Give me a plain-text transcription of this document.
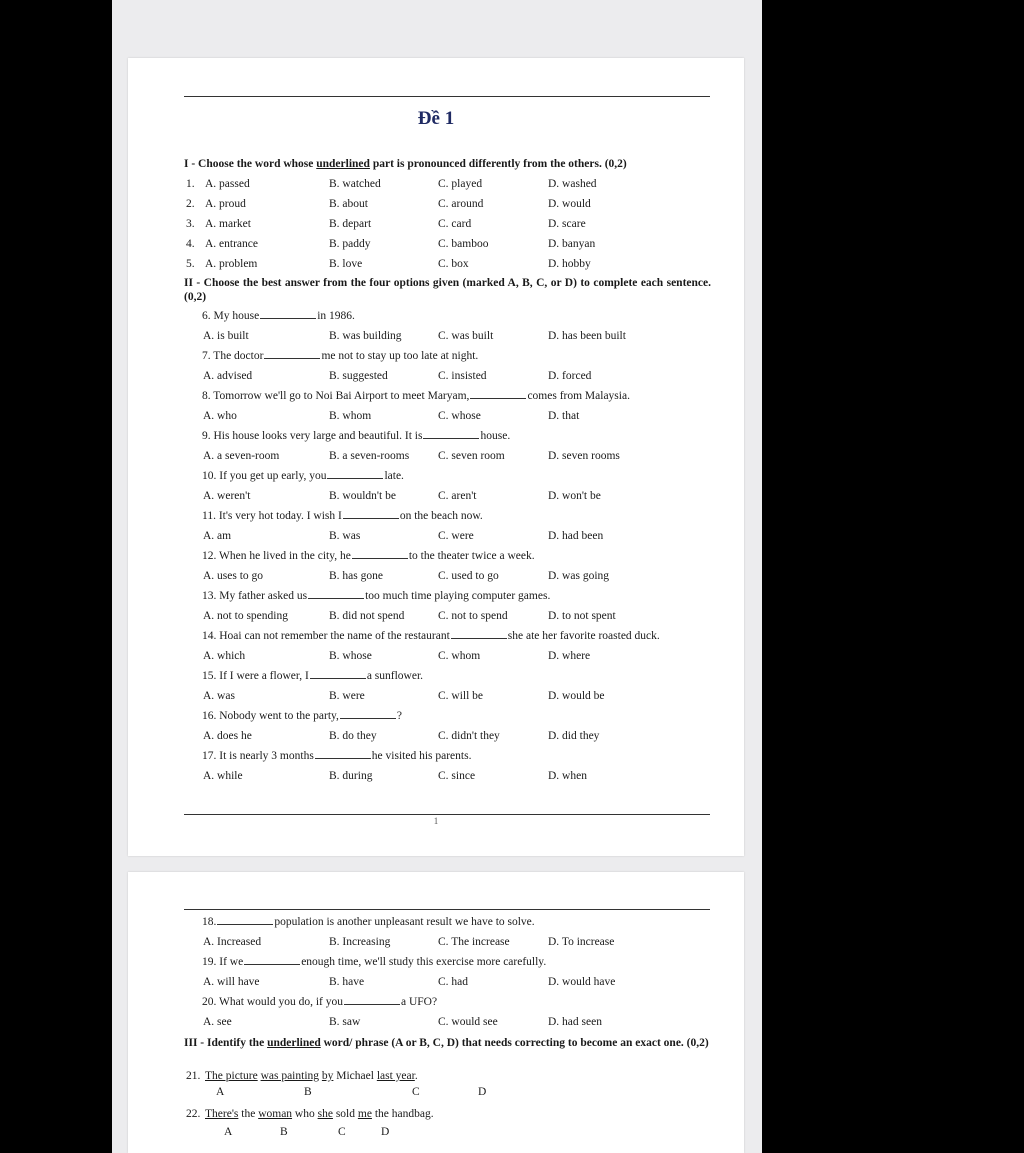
Đề 1
I - Choose the word whose underlined part is pronounced differently from the others. (0,2)
1. A. passed	B. watched	C. played	D. washed
2. A. proud	B. about	C. around	D. would
3. A. market	B. depart	C. card	D. scare
4. A. entrance	B. paddy	C. bamboo	D. banyan
5. A. problem	B. love	C. box	D. hobby
II - Choose the best answer from the four options given (marked A, B, C, or D) to complete each sentence. (0,2)
6. My house	in 1986.
A. is built	B. was building	C. was built	D. has been built
7. The doctor	me not to stay up too late at night.
A. advised	B. suggested	C. insisted	D. forced
8. Tomorrow we'll go to Noi Bai Airport to meet Maryam,	comes from Malaysia.
A. who	B. whom	C. whose	D. that
9. His house looks very large and beautiful. It is	house.
A. a seven-room	B. a seven-rooms	C. seven room	D. seven rooms
10. If you get up early, you	late.
A. weren't	B. wouldn't be	C. aren't	D. won't be
11. It's very hot today. I wish I	on the beach now.
A. am	B. was	C. were	D. had been
12. When he lived in the city, he	to the theater twice a week.
A. uses to go	B. has gone	C. used to go	D. was going
13. My father asked us	too much time playing computer games.
A. not to spending	B. did not spend	C. not to spend	D. to not spent
14. Hoai can not remember the name of the restaurant	she ate her favorite roasted duck.
A. which	B. whose	C. whom	D. where
15. If I were a flower, I	a sunflower.
A. was	B. were	C. will be	D. would be
16. Nobody went to the party,	?
A. does he	B. do they	C. didn't they	D. did they
17. It is nearly 3 months	he visited his parents.
A. while	B. during	C. since	D. when
1
18.	population is another unpleasant result we have to solve.
A. Increased	B. Increasing	C. The increase	D. To increase
19. If we	enough time, we'll study this exercise more carefully.
A. will have	B. have	C. had	D. would have
20. What would you do, if you	a UFO?
A. see	B. saw	C. would see	D. had seen
III - Identify the underlined word/ phrase (A or B, C, D) that needs correcting to become an exact one. (0,2)
21. The picture was painting by Michael last year.
A	B	C	D
22. There's the woman who she sold me the handbag.
A	B	C	D
